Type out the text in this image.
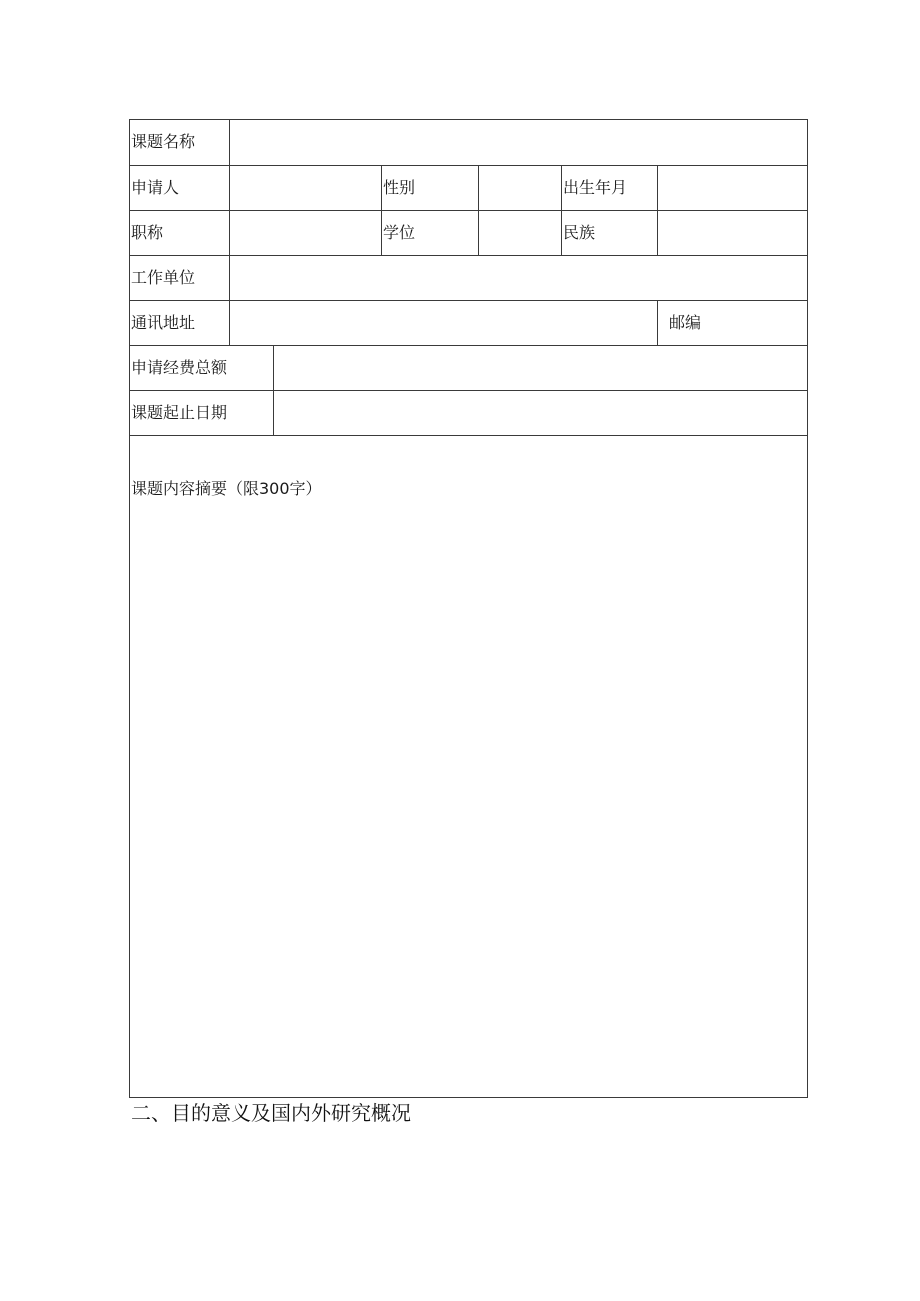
课题名称
申请人	性别	出生年月
职称	学位	民族
工作单位
通讯地址	邮编
申请经费总额
课题起止日期
课题内容摘要（限300字）
二、目的意义及国内外研究概况
